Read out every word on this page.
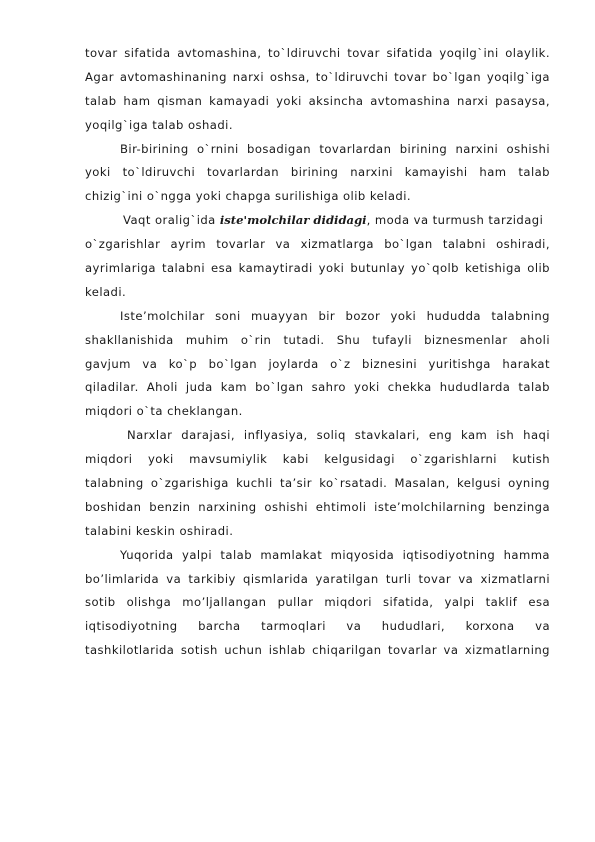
tovar sifatida avtomashina, to`ldiruvchi tovar sifatida yoqilg`ini olaylik.
Agar avtomashinaning narxi oshsa, to`ldiruvchi tovar bo`lgan yoqilg`iga
talab ham qisman kamayadi yoki aksincha avtomashina narxi pasaysa,
yoqilg`iga talab oshadi.
Bir-birining o`rnini bosadigan tovarlardan birining narxini oshishi
yoki to`ldiruvchi tovarlardan birining narxini kamayishi ham talab
chizig`ini o`ngga yoki chapga surilishiga olib keladi.
Vaqt oralig`ida iste'molchilar dididagi, moda va turmush tarzidagi
o`zgarishlar ayrim tovarlar va xizmatlarga bo`lgan talabni oshiradi,
ayrimlariga talabni esa kamaytiradi yoki butunlay yo`qolb ketishiga olib
keladi.
Iste’molchilar soni muayyan bir bozor yoki hududda talabning
shakllanishida muhim o`rin tutadi. Shu tufayli biznesmenlar aholi
gavjum va ko`p bo`lgan joylarda o`z biznesini yuritishga harakat
qiladilar. Aholi juda kam bo`lgan sahro yoki chekka hududlarda talab
miqdori o`ta cheklangan.
Narxlar darajasi, inflyasiya, soliq stavkalari, eng kam ish haqi
miqdori yoki mavsumiylik kabi kelgusidagi o`zgarishlarni kutish
talabning o`zgarishiga kuchli ta’sir ko`rsatadi. Masalan, kelgusi oyning
boshidan benzin narxining oshishi ehtimoli iste’molchilarning benzinga
talabini keskin oshiradi.
Yuqorida yalpi talab mamlakat miqyosida iqtisodiyotning hamma
bo’limlarida va tarkibiy qismlarida yaratilgan turli tovar va xizmatlarni
sotib olishga mo’ljallangan pullar miqdori sifatida, yalpi taklif esa
iqtisodiyotning barcha tarmoqlari va hududlari, korxona va
tashkilotlarida sotish uchun ishlab chiqarilgan tovarlar va xizmatlarning
